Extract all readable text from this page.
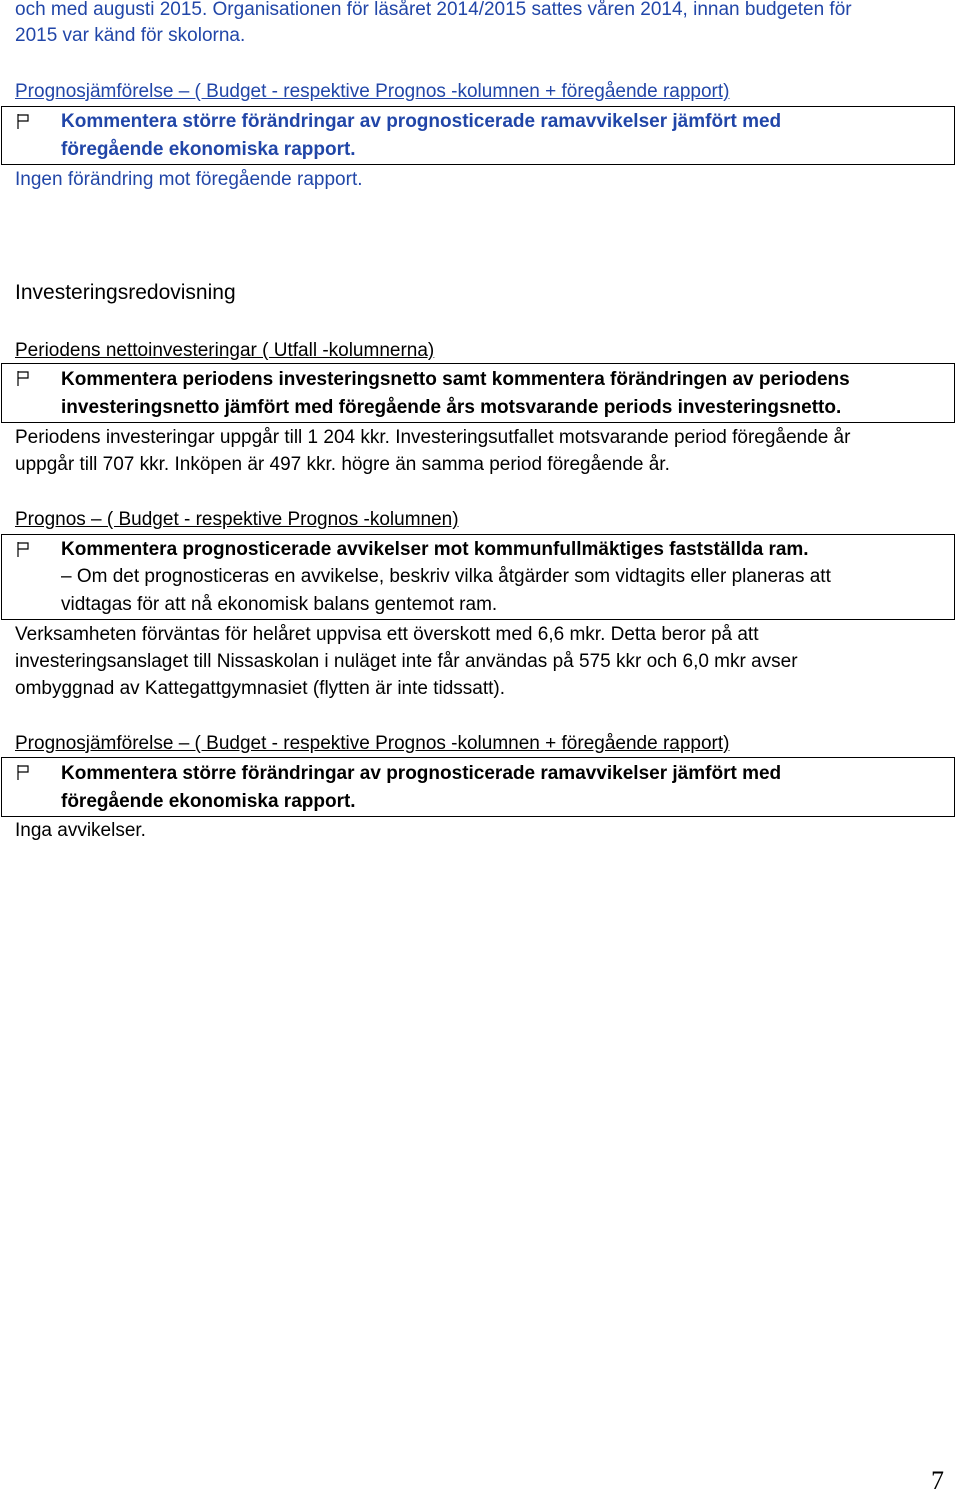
och med augusti 2015. Organisationen för läsåret 2014/2015 sattes våren 2014, innan budgeten för
2015 var känd för skolorna.
Prognosjämförelse – ( Budget - respektive Prognos -kolumnen + föregående rapport)
Kommentera större förändringar av prognosticerade ramavvikelser jämfört med
föregående ekonomiska rapport.
Ingen förändring mot föregående rapport.
Investeringsredovisning
Periodens nettoinvesteringar ( Utfall -kolumnerna)
Kommentera periodens investeringsnetto samt kommentera förändringen av periodens
investeringsnetto jämfört med föregående års motsvarande periods investeringsnetto.
Periodens investeringar uppgår till 1 204 kkr. Investeringsutfallet motsvarande period föregående år
uppgår till 707 kkr. Inköpen är 497 kkr. högre än samma period föregående år.
Prognos – ( Budget - respektive Prognos -kolumnen)
Kommentera prognosticerade avvikelser mot kommunfullmäktiges fastställda ram.
– Om det prognosticeras en avvikelse, beskriv vilka åtgärder som vidtagits eller planeras att
vidtagas för att nå ekonomisk balans gentemot ram.
Verksamheten förväntas för helåret uppvisa ett överskott med 6,6 mkr. Detta beror på att
investeringsanslaget till Nissaskolan i nuläget inte får användas på 575 kkr och 6,0 mkr avser
ombyggnad av Kattegattgymnasiet (flytten är inte tidssatt).
Prognosjämförelse – ( Budget - respektive Prognos -kolumnen + föregående rapport)
Kommentera större förändringar av prognosticerade ramavvikelser jämfört med
föregående ekonomiska rapport.
Inga avvikelser.
7
